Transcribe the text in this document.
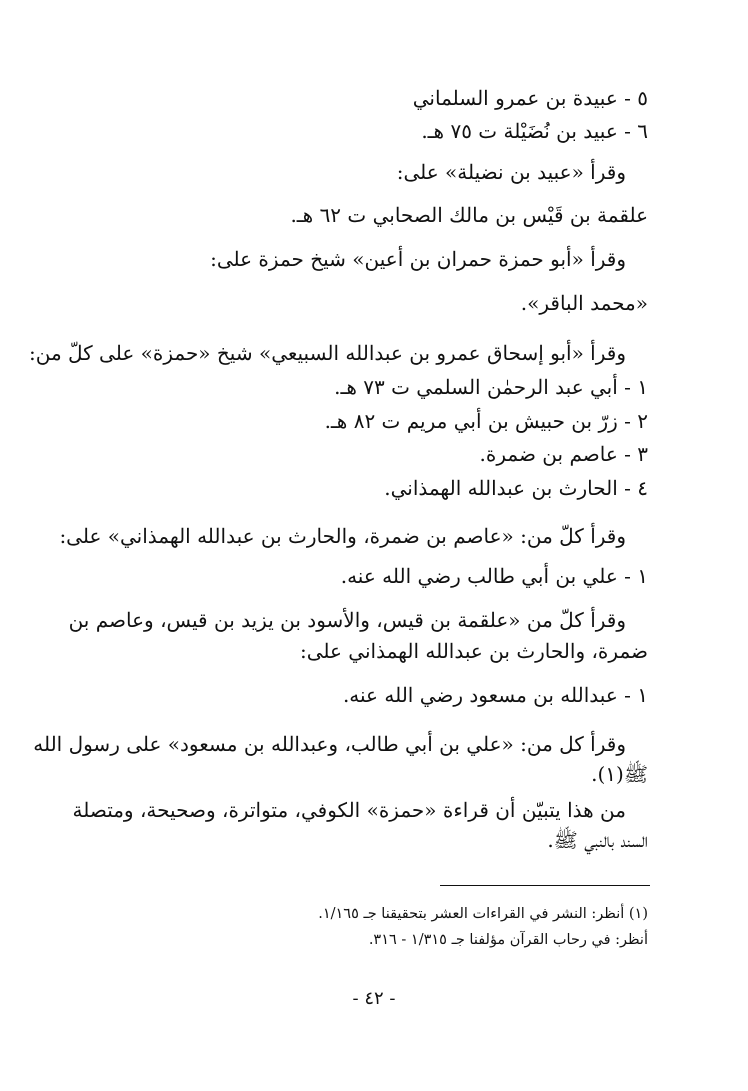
٥ - عبيدة بن عمرو السلماني
٦ - عبيد بن نُضَيْلة ت ٧٥ هـ.
وقرأ «عبيد بن نضيلة» على:
علقمة بن قَيْس بن مالك الصحابي ت ٦٢ هـ.
وقرأ «أبو حمزة حمران بن أعين» شيخ حمزة على:
«محمد الباقر».
وقرأ «أبو إسحاق عمرو بن عبدالله السبيعي» شيخ «حمزة» على كلّ من:
١ - أبي عبد الرحمٰن السلمي ت ٧٣ هـ.
٢ - زرّ بن حبيش بن أبي مريم ت ٨٢ هـ.
٣ - عاصم بن ضمرة.
٤ - الحارث بن عبدالله الهمذاني.
وقرأ كلّ من: «عاصم بن ضمرة، والحارث بن عبدالله الهمذاني» على:
١ - علي بن أبي طالب رضي الله عنه.
وقرأ كلّ من «علقمة بن قيس، والأسود بن يزيد بن قيس، وعاصم بن
ضمرة، والحارث بن عبدالله الهمذاني على:
١ - عبدالله بن مسعود رضي الله عنه.
وقرأ كل من: «علي بن أبي طالب، وعبدالله بن مسعود» على رسول الله
ﷺ(١).
من هذا يتبيّن أن قراءة «حمزة» الكوفي، متواترة، وصحيحة، ومتصلة
السند بالنبي ﷺ.
(١) أنظر: النشر في القراءات العشر بتحقيقنا جـ ١/١٦٥.
أنظر: في رحاب القرآن مؤلفنا جـ ١/٣١٥ - ٣١٦.
- ٤٢ -
